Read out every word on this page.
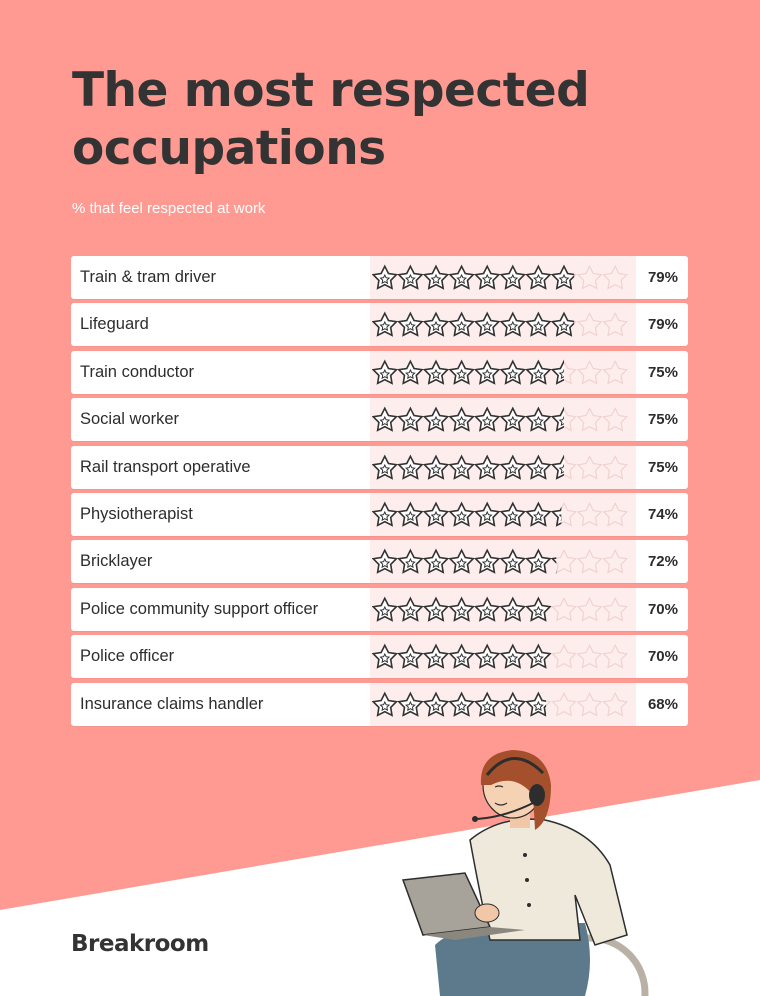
The most respected occupations
% that feel respected at work
Train & tram driver	79%
Lifeguard	79%
Train conductor	75%
Social worker	75%
Rail transport operative	75%
Physiotherapist	74%
Bricklayer	72%
Police community support officer	70%
Police officer	70%
Insurance claims handler	68%
Breakroom
